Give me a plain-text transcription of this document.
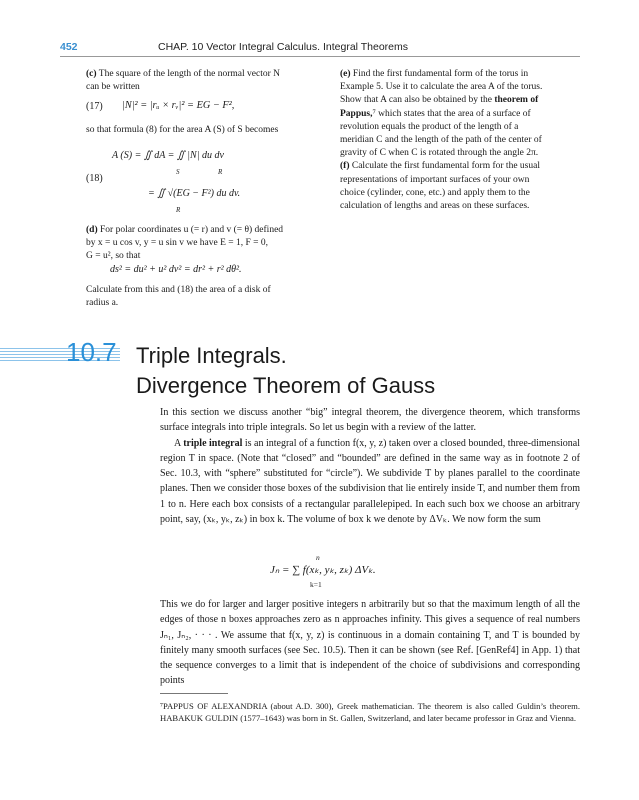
452	CHAP. 10 Vector Integral Calculus. Integral Theorems
(c) The square of the length of the normal vector N
can be written
(17) |N|² = |rᵤ × rᵥ|² = EG − F²,
so that formula (8) for the area A (S) of S becomes
(18)
A (S) = ∬ dA = ∬ |N| du dv
S	R
= ∬ √(EG − F²) du dv.
R
(d) For polar coordinates u (= r) and v (= θ) defined
by x = u cos v, y = u sin v we have E = 1, F = 0,
G = u², so that
ds² = du² + u² dv² = dr² + r² dθ².
Calculate from this and (18) the area of a disk of
radius a.
(e) Find the first fundamental form of the torus in
Example 5. Use it to calculate the area A of the torus.
Show that A can also be obtained by the theorem of
Pappus,⁷ which states that the area of a surface of
revolution equals the product of the length of a
meridian C and the length of the path of the center of
gravity of C when C is rotated through the angle 2π.
(f) Calculate the first fundamental form for the usual
representations of important surfaces of your own
choice (cylinder, cone, etc.) and apply them to the
calculation of lengths and areas on these surfaces.
10.7 Triple Integrals.
Divergence Theorem of Gauss

In this section we discuss another “big” integral theorem, the divergence theorem, which transforms surface integrals into triple integrals. So let us begin with a review of the latter.

A triple integral is an integral of a function f(x, y, z) taken over a closed bounded, three-dimensional region T in space. (Note that “closed” and “bounded” are defined in the same way as in footnote 2 of Sec. 10.3, with “sphere” substituted for “circle”). We subdivide T by planes parallel to the coordinate planes. Then we consider those boxes of the subdivision that lie entirely inside T, and number them from 1 to n. Here each box consists of a rectangular parallelepiped. In each such box we choose an arbitrary point, say, (xₖ, yₖ, zₖ) in box k. The volume of box k we denote by ΔVₖ. We now form the sum

n
Jₙ = ∑ f(xₖ, yₖ, zₖ) ΔVₖ.
k=1

This we do for larger and larger positive integers n arbitrarily but so that the maximum length of all the edges of those n boxes approaches zero as n approaches infinity. This gives a sequence of real numbers Jₙ₁, Jₙ₂, · · · . We assume that f(x, y, z) is continuous in a domain containing T, and T is bounded by finitely many smooth surfaces (see Sec. 10.5). Then it can be shown (see Ref. [GenRef4] in App. 1) that the sequence converges to a limit that is independent of the choice of subdivisions and corresponding points

⁷PAPPUS OF ALEXANDRIA (about A.D. 300), Greek mathematician. The theorem is also called Guldin’s theorem. HABAKUK GULDIN (1577–1643) was born in St. Gallen, Switzerland, and later became professor in Graz and Vienna.
